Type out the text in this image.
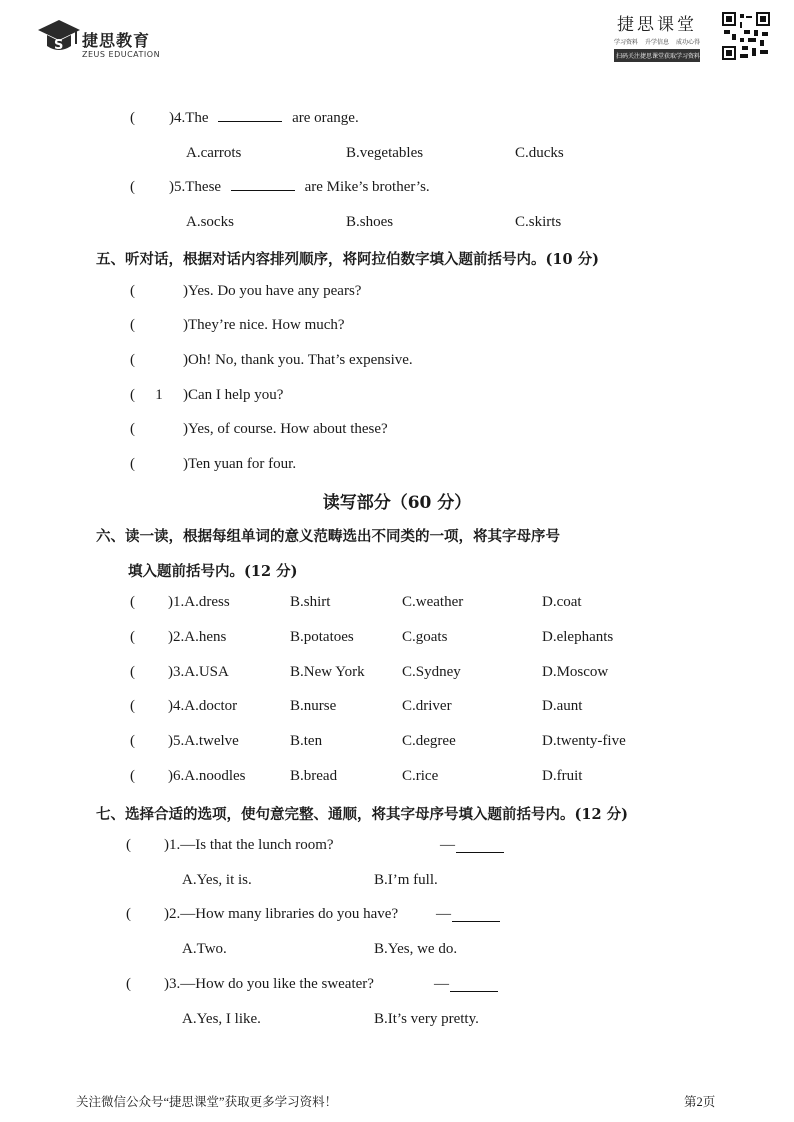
S 捷思教育
ZEUS EDUCATION
捷思课堂
学习资料 升学信息 成功心得
扫码关注捷思课堂获取学习资料
( )4.The	are orange.
A.carrots	B.vegetables	C.ducks
( )5.These	are Mike’s brother’s.
A.socks	B.shoes	C.skirts
五、听对话，根据对话内容排列顺序，将阿拉伯数字填入题前括号内。(10 分)
(	)Yes. Do you have any pears?
(	)They’re nice. How much?
(	)Oh! No, thank you. That’s expensive.
( 1 )Can I help you?
(	)Yes, of course. How about these?
(	)Ten yuan for four.
读写部分（60 分）
六、读一读，根据每组单词的意义范畴选出不同类的一项，将其字母序号
填入题前括号内。(12 分)
( )1.A.dress	B.shirt	C.weather	D.coat
( )2.A.hens	B.potatoes	C.goats	D.elephants
( )3.A.USA	B.New York C.Sydney	D.Moscow
( )4.A.doctor	B.nurse	C.driver	D.aunt
( )5.A.twelve	B.ten	C.degree	D.twenty-five
( )6.A.noodles	B.bread	C.rice	D.fruit
七、选择合适的选项，使句意完整、通顺，将其字母序号填入题前括号内。(12 分)
( )1.—Is that the lunch room?	—
A.Yes, it is.	B.I’m full.
( )2.—How many libraries do you have?	—
A.Two.	B.Yes, we do.
( )3.—How do you like the sweater?	—
A.Yes, I like.	B.It’s very pretty.
关注微信公众号“捷思课堂”获取更多学习资料！	第2页
